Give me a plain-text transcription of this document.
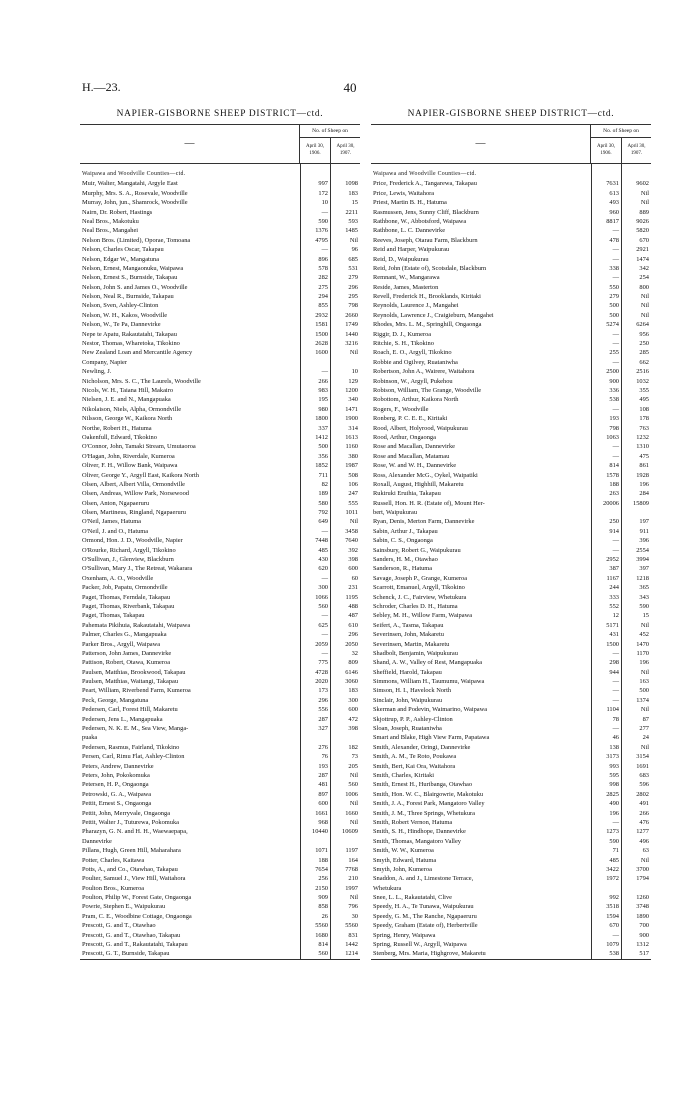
H.—23.	40
NAPIER-GISBORNE SHEEP DISTRICT—ctd.
—
No. of Sheep on
April 30, 1906.
April 30, 1907.
Waipawa and Woodville Counties—ctd.
Muir, Walter, Mangatahi, Argyle East	997	1098
Murphy, Mrs. S. A., Rosevale, Woodville	172	183
Murray, John, jun., Shamrock, Woodville	10	15
Nairn, Dr. Robert, Hastings	—	2211
Neal Bros., Makotuku	590	593
Neal Bros., Mangahei	1376	1485
Nelson Bros. (Limited), Oporae, Tomoana	4795	Nil
Nelson, Charles Oscar, Takapau	—	96
Nelson, Edgar W., Mangatuna	896	685
Nelson, Ernest, Mangaonuku, Waipawa	578	531
Nelson, Ernest S., Burnside, Takapau	282	279
Nelson, John S. and James O., Woodville	275	296
Nelson, Neal R., Burnside, Takapau	294	295
Nelson, Sven, Ashley-Clinton	855	798
Nelson, W. H., Kakos, Woodville	2932	2660
Nelson, W., Te Pa, Dannevirke	1581	1749
Nepe te Apatu, Rakautatahi, Takapau	1500	1440
Nestor, Thomas, Wharetoka, Tikokino	2628	3216
New Zealand Loan and Mercantile Agency	1600	Nil
Company, Napier
Newling, J.	—	10
Nicholson, Mrs. S. C., The Laurels, Woodville	266	129
Nicols, W. H., Taiana Hill, Makairo	983	1200
Nielsen, J. E. and N., Mangapuaka	195	340
Nikolaison, Niels, Alpha, Ormondville	980	1471
Nilsson, George W., Kaikora North	1800	1900
Northe, Robert H., Hatuma	337	314
Oakenfull, Edward, Tikokino	1412	1613
O'Connor, John, Tamaki Stream, Umutaoroa	500	1160
O'Hagan, John, Riverdale, Kumeroa	356	380
Oliver, F. H., Willow Bank, Waipawa	1852	1987
Oliver, George Y., Argyll East, Kaikora North	711	508
Olsen, Albert, Albert Villa, Ormondville	82	106
Olsen, Andreas, Willow Park, Norsewood	189	247
Olsen, Anton, Ngapaeruru	580	555
Olsen, Martineus, Ringland, Ngapaeruru	792	1011
O'Neil, James, Hatuma	649	Nil
O'Neil, J. and O., Hatuma	—	3458
Ormond, Hon. J. D., Woodville, Napier	7448	7640
O'Rourke, Richard, Argyll, Tikokino	485	392
O'Sullivan, J., Glenview, Blackburn	430	398
O'Sullivan, Mary J., The Retreat, Wakarara	620	600
Oxenham, A. O., Woodville	—	60
Packer, Job, Papatu, Ormondville	300	231
Paget, Thomas, Ferndale, Takapau	1066	1195
Paget, Thomas, Riverbank, Takapau	560	488
Paget, Thomas, Takapau	—	487
Pahemata Pikihuia, Rakautatahi, Waipawa	625	610
Palmer, Charles G., Mangapuaka	—	296
Parker Bros., Argyll, Waipawa	2059	2050
Patterson, John James, Dannevirke	—	32
Pattison, Robert, Otawa, Kumeroa	775	809
Paulsen, Matthias, Brookwood, Takapau	4728	6146
Paulsen, Matthias, Waitangi, Takapau	2020	3060
Peart, William, Riverbend Farm, Kumeroa	173	183
Peck, George, Mangatuna	296	300
Pedersen, Carl, Forest Hill, Makaretu	556	600
Pedersen, Jens L., Mangapuaka	287	472
Pedersen, N. K. E. M., Sea View, Manga-	327	398
puaka
Pedersen, Rasmus, Fairland, Tikokino	276	182
Persen, Carl, Rimu Flat, Ashley-Clinton	76	73
Peters, Andrew, Dannevirke	193	205
Peters, John, Pokokomuka	287	Nil
Petersen, H. P., Ongaonga	481	560
Petrowski, G. A., Waipawa	897	1006
Pettit, Ernest S., Ongaonga	600	Nil
Pettit, John, Merryvale, Ongaonga	1661	1660
Pettit, Walter J., Tuturewa, Pokomuka	968	Nil
Pharazyn, G. N. and H. H., Waewaepapa,	10440	10609
Dannevirke
Pillans, Hugh, Green Hill, Maharahara	1071	1197
Potter, Charles, Kaitawa	188	164
Potts, A., and Co., Otawhao, Takapau	7654	7768
Poulter, Samuel J., View Hill, Waitahora	256	210
Poulton Bros., Kumeroa	2150	1997
Poulton, Philip W., Forest Gate, Ongaonga	909	Nil
Powrie, Stephen E., Waipukurau	858	796
Pram, C. E., Woodbine Cottage, Ongaonga	26	30
Prescott, G. and T., Otawhao	5560	5560
Prescott, G. and T., Otawhao, Takapau	1680	831
Prescott, G. and T., Rakautatahi, Takapau	814	1442
Prescott, G. T., Burnside, Takapau	560	1214
NAPIER-GISBORNE SHEEP DISTRICT—ctd.
—
No. of Sheep on
April 30, 1906.
April 30, 1907.
Waipawa and Woodville Counties—ctd.
Price, Frederick A., Tangarewa, Takapau	7631	9602
Price, Lewis, Waitahora	613	Nil
Priest, Martin B. H., Hatuma	493	Nil
Rasmussen, Jens, Sunny Cliff, Blackburn	960	889
Rathbone, W., Abbotsford, Waipawa	8817	9026
Rathbone, L. C. Dannevirke	—	5820
Reeves, Joseph, Otarau Farm, Blackburn	478	670
Reid and Harper, Waipukurau	—	2921
Reid, D., Waipukurau	—	1474
Reid, John (Estate of), Scotsdale, Blackburn	338	342
Remnant, W., Mangarawa	—	254
Reside, James, Masterton	550	800
Revell, Frederick H., Brooklands, Kiritaki	279	Nil
Reynolds, Laurence J., Mangahei	500	Nil
Reynolds, Lawrence J., Craigieburn, Mangahei	500	Nil
Rhodes, Mrs. L. M., Springhill, Ongaonga	5274	6264
Riggir, D. J., Kumeroa	—	956
Ritchie, S. H., Tikokino	—	250
Roach, E. O., Argyll, Tikokino	255	285
Robbie and Ogilvey, Ruataniwha	—	662
Robertson, John A., Wairere, Waitahora	2500	2516
Robinson, W., Argyll, Pukehou	900	1032
Robison, William, The Grange, Woodville	336	355
Robottom, Arthur, Kaikora North	538	495
Rogers, F., Woodville	—	108
Ronberg, P. C. E. E., Kiritaki	193	178
Rood, Albert, Holyrood, Waipukurau	798	763
Rood, Arthur, Ongaonga	1063	1232
Rose and Macallan, Dannevirke	—	1310
Rose and Macallan, Matamau	—	475
Rose, W. and W. H., Dannevirke	814	861
Ross, Alexander McG., Oykel, Waipatiki	1578	1928
Roxall, August, Highhill, Makaretu	188	196
Rukiruki Eruihia, Takapau	263	284
Russell, Hon. H. R. (Estate of), Mount Her-	20006	15809
bert, Waipukurau
Ryan, Denis, Merton Farm, Dannevirke	250	197
Sabin, Arthur J., Takapau	914	911
Sabin, C. S., Ongaonga	—	396
Sainsbury, Robert G., Waipukurau	—	2554
Sanders, H. M., Otawhao	2952	3994
Sanderson, R., Hatuma	387	397
Savage, Joseph P., Grange, Kumeroa	1167	1218
Scarrott, Emanuel, Argyll, Tikokino	244	365
Schenck, J. C., Fairview, Whetukura	333	343
Schroder, Charles D. H., Hatuma	552	590
Sebley, M. H., Willow Farm, Waipawa	12	15
Seifert, A., Tasma, Takapau	5171	Nil
Severinsen, John, Makaretu	431	452
Severinsen, Martin, Makaretu	1500	1470
Shadbolt, Benjamin, Waipukurau	—	1170
Shand, A. W., Valley of Rest, Mangapuaka	298	196
Sheffield, Harold, Takapau	944	Nil
Simmons, William H., Taumumu, Waipawa	—	163
Simson, H. I., Havelock North	—	500
Sinclair, John, Waipukurau	—	1374
Skerman and Podevin, Waimarino, Waipawa	1104	Nil
Skjottrup, P. P., Ashley-Clinton	78	87
Sloan, Joseph, Ruataniwha	—	277
Smart and Blake, High View Farm, Papatawa	46	24
Smith, Alexander, Oringi, Dannevirke	138	Nil
Smith, A. M., Te Roto, Poukawa	3173	3154
Smith, Bert, Kai Ora, Waitahora	993	1691
Smith, Charles, Kiritaki	595	683
Smith, Ernest H., Huribanga, Otawhao	998	596
Smith, Hon. W. C., Blairgowrie, Makotuku	2825	2802
Smith, J. A., Forest Park, Mangatoro Valley	490	491
Smith, J. M., Three Springs, Whetukura	196	266
Smith, Robert Vernon, Hatuma	—	476
Smith, S. H., Hindhope, Dannevirke	1273	1277
Smith, Thomas, Mangatoro Valley	590	496
Smith, W. W., Kumeroa	71	63
Smyth, Edward, Hatuma	485	Nil
Smyth, John, Kumeroa	3422	3700
Snaddon, A. and J., Limestone Terrace,	1972	1794
Whetukura
Snee, L. L., Rakautatahi, Clive	992	1260
Speedy, H. A., Te Tunawa, Waipukurau	3518	3748
Speedy, G. M., The Ranche, Ngapaeruru	1594	1890
Speedy, Graham (Estate of), Herbertville	670	700
Spring, Henry, Waipawa	—	900
Spring, Russell W., Argyll, Waipawa	1079	1312
Stenberg, Mrs. Maria, Highgrove, Makaretu	538	517
